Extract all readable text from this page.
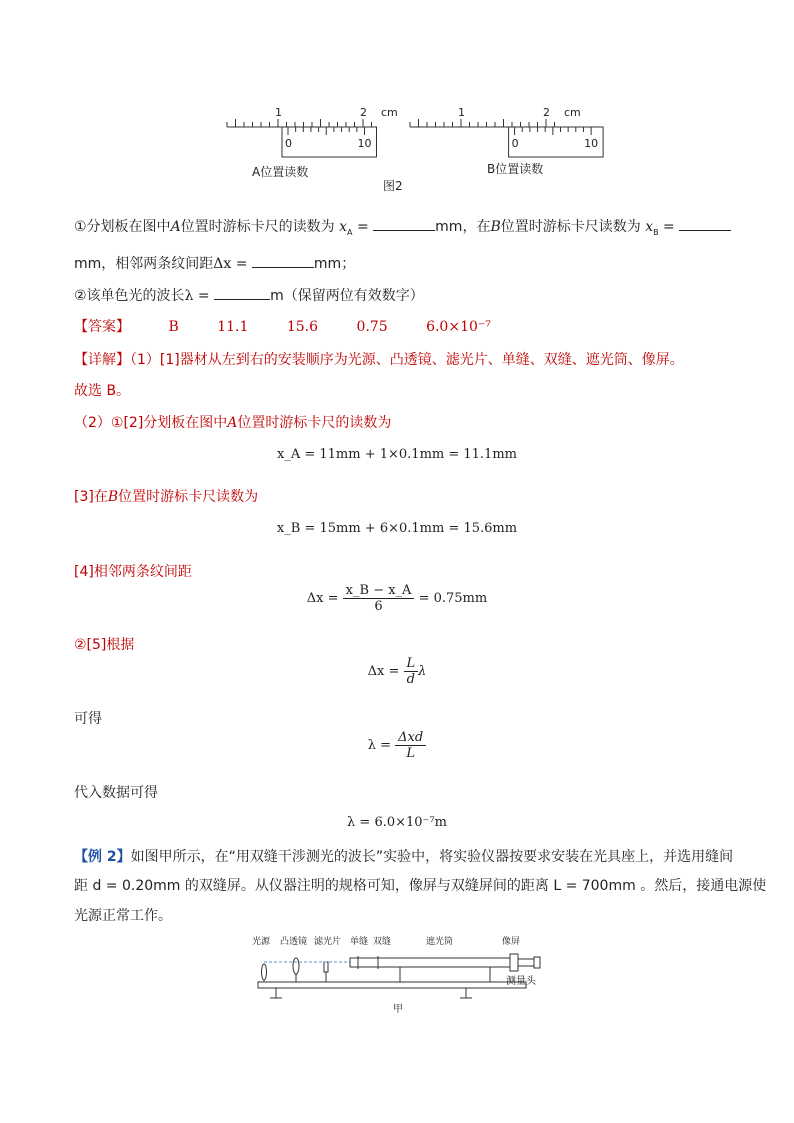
1	2 cm
0	10
1	2 cm
0	10
A位置读数	B位置读数
图2
①分划板在图中A位置时游标卡尺的读数为 $x_A$ =	mm，在B位置时游标卡尺读数为 $x_B$ =
mm，相邻两条纹间距Δx =	mm；
②该单色光的波长λ =	m（保留两位有效数字）
【答案】	B	11.1	15.6	0.75	6.0×10⁻⁷
【详解】（1）[1]器材从左到右的安装顺序为光源、凸透镜、滤光片、单缝、双缝、遮光筒、像屏。
故选 B。
（2）①[2]分划板在图中A位置时游标卡尺的读数为
x_A = 11mm + 1×0.1mm = 11.1mm
[3]在B位置时游标卡尺读数为
x_B = 15mm + 6×0.1mm = 15.6mm
[4]相邻两条纹间距
$\Delta x = \frac{x\_B - x\_A}{6} = 0.75mm$
②[5]根据
$\Delta x = \frac{L}{d}$ λ
可得
$\lambda = \frac{\text{Δxd}}{L}$
代入数据可得
λ = 6.0×10⁻⁷m
【例 2】如图甲所示，在“用双缝干涉测光的波长”实验中，将实验仪器按要求安装在光具座上，并选用缝间
距 d = 0.20mm 的双缝屏。从仪器注明的规格可知，像屏与双缝屏间的距离 L = 700mm 。然后，接通电源使
光源正常工作。
光源 凸透镜 滤光片 单缝 双缝	遮光筒	像屏
测量头
甲
